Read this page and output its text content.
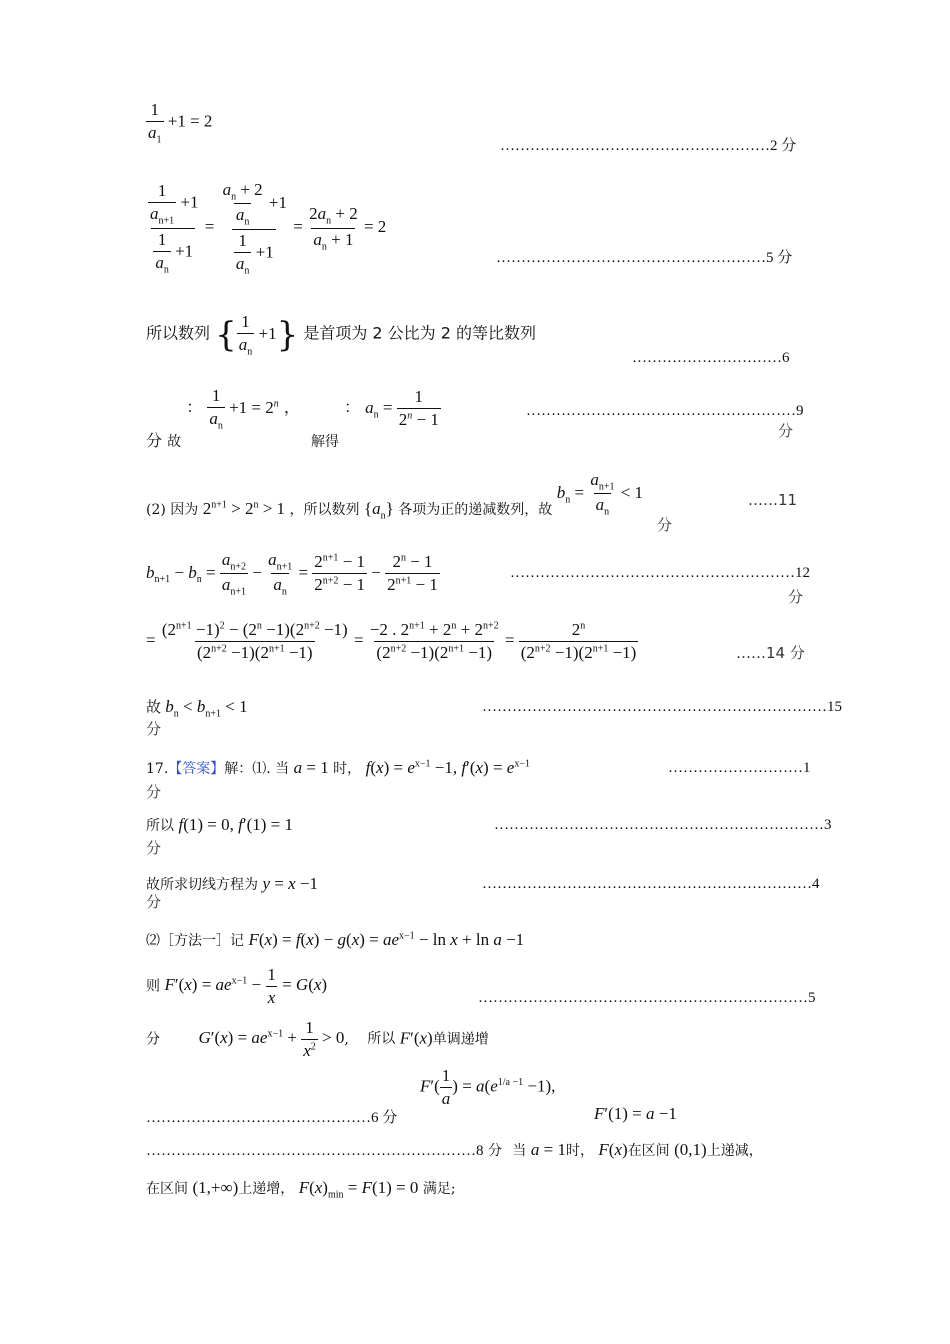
$\frac{1}{a_1} +1 = 2$
………………………………………………2 分
$\frac{\frac{1}{a_{n+1}} +1}{\frac{1}{a_n} +1} = \frac{\frac{a_n + 2}{a_n} +1}{\frac{1}{a_n} +1} = \frac{2a_n + 2}{a_n + 1} = 2$
………………………………………………5 分
所以数列 { $\frac{1}{a_n} +1$} 是首项为 2 公比为 2 的等比数列
…………………………6
分 故 ： $\frac{1}{a_n} +1 = 2^n$ ， 解得 ： $a_n = \frac{1}{2^n - 1}$	………………………………………………9
分
(2) 因为 $2^{n+1} > 2^n > 1$ ，所以数列 $\{a_n\}$ 各项为正的递减数列，故 $b_n = \frac{a_{n+1}}{a_n} < 1$	……11
分
$b_{n+1} - b_n = \frac{a_{n+2}}{a_{n+1}} - \frac{a_{n+1}}{a_n} = \frac{2^{n+1} - 1}{2^{n+2} - 1} - \frac{2^n - 1}{2^{n+1} - 1}$	…………………………………………………12
分
= $\frac{(2^{n+1} -1)^2 - (2^n -1)(2^{n+2} -1)}{(2^{n+2} -1)(2^{n+1} -1)} = \frac{-2 . 2^{n+1} + 2^n + 2^{n+2}}{(2^{n+2} -1)(2^{n+1} -1)} = \frac{2^n}{(2^{n+2} -1)(2^{n+1} -1)}$	……14 分
故 $b_n < b_{n+1} < 1$	……………………………………………………………15
分
17.【答案】解：⑴. 当 a = 1 时， $f(x) = e^{x-1} -1$, $f'(x) = e^{x-1}$	………………………1
分
所以 f(1) = 0, f′(1) = 1	…………………………………………………………3
分
故所求切线方程为 y = x −1	…………………………………………………………4
分
⑵［方法一］记 $F(x) = f(x) - g(x) = ae^{x-1} - \ln x + \ln a -1$
则 $F'(x) = ae^{x-1} - \frac{1}{x} = G(x)$
…………………………………………………………5
分 $G'(x) = ae^{x-1} + \frac{1}{x^2} > 0$, 所以 F′(x)单调递增
$F'( \frac{1}{a}$ ) = $a(e^{1/a -1} -1)$,
………………………………………6 分	F′(1) = a −1
…………………………………………………………8 分 当 a = 1时， F(x)在区间 (0,1)上递减，
在区间 (1,+∞)上递增， $F(x)_{min} = F(1) = 0$ 满足;
